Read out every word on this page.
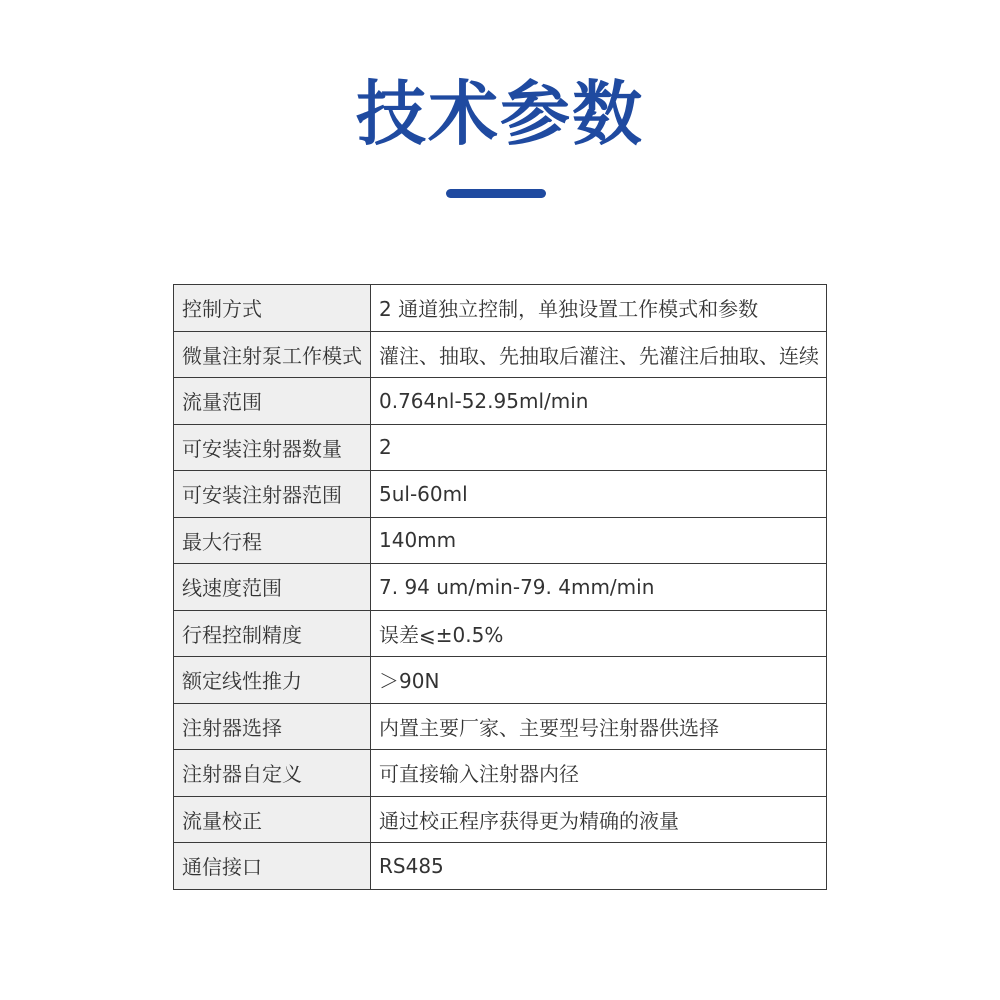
技术参数
控制方式	2 通道独立控制，单独设置工作模式和参数
微量注射泵工作模式	灌注、抽取、先抽取后灌注、先灌注后抽取、连续
流量范围	0.764nl-52.95ml/min
可安装注射器数量	2
可安装注射器范围	5ul-60ml
最大行程	140mm
线速度范围	7. 94 um/min-79. 4mm/min
行程控制精度	误差⩽±0.5%
额定线性推力	＞90N
注射器选择	内置主要厂家、主要型号注射器供选择
注射器自定义	可直接输入注射器内径
流量校正	通过校正程序获得更为精确的液量
通信接口	RS485
